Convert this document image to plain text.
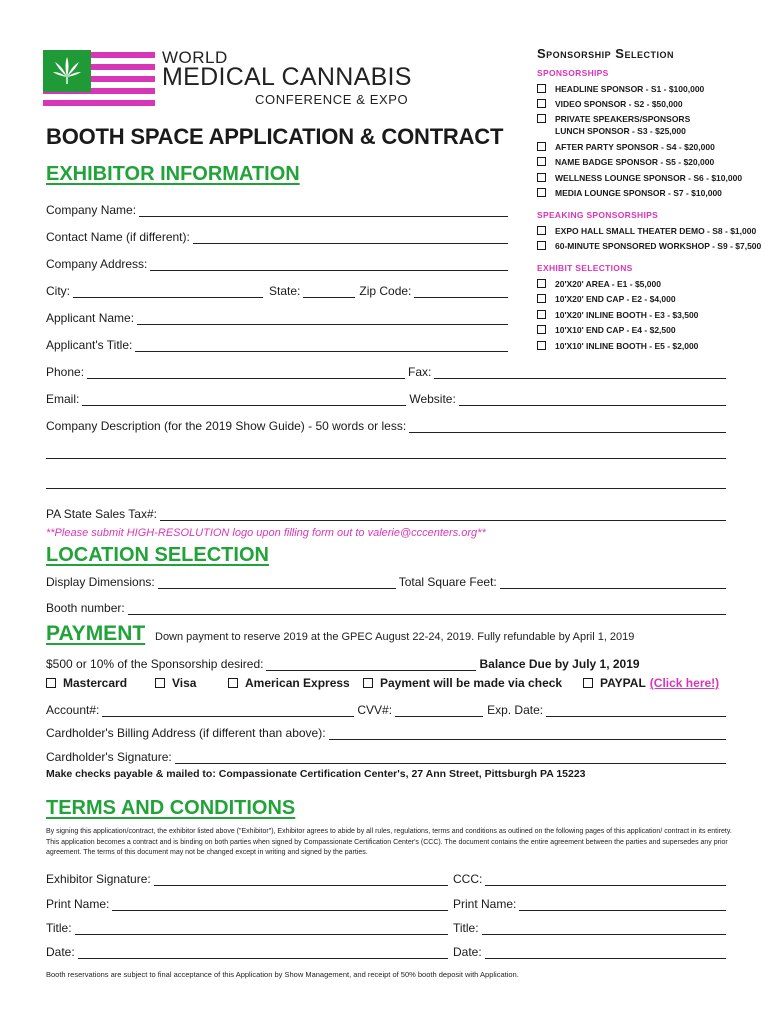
WORLD
MEDICAL CANNABIS
CONFERENCE & EXPO
BOOTH SPACE APPLICATION & CONTRACT
Sponsorship Selection
SPONSORSHIPS
HEADLINE SPONSOR - S1 - $100,000
VIDEO SPONSOR - S2 - $50,000
PRIVATE SPEAKERS/SPONSORS LUNCH SPONSOR - S3 - $25,000
AFTER PARTY SPONSOR - S4 - $20,000
NAME BADGE SPONSOR - S5 - $20,000
WELLNESS LOUNGE SPONSOR - S6 - $10,000
MEDIA LOUNGE SPONSOR - S7 - $10,000
SPEAKING SPONSORSHIPS
EXPO HALL SMALL THEATER DEMO - S8 - $1,000
60-MINUTE SPONSORED WORKSHOP - S9 - $7,500
EXHIBIT SELECTIONS
20'X20' AREA - E1 - $5,000
10'X20' END CAP - E2 - $4,000
10'X20' INLINE BOOTH - E3 - $3,500
10'X10' END CAP - E4 - $2,500
10'X10' INLINE BOOTH - E5 - $2,000
EXHIBITOR INFORMATION
Company Name:
Contact Name (if different):
Company Address:
City:	State:	Zip Code:
Applicant Name:
Applicant's Title:
Phone:	Fax:
Email:	Website:
Company Description (for the 2019 Show Guide) - 50 words or less:
PA State Sales Tax#:
**Please submit HIGH-RESOLUTION logo upon filling form out to valerie@cccenters.org**
LOCATION SELECTION
Display Dimensions:	Total Square Feet:
Booth number:
PAYMENT Down payment to reserve 2019 at the GPEC August 22-24, 2019. Fully refundable by April 1, 2019
$500 or 10% of the Sponsorship desired:	Balance Due by July 1, 2019
Mastercard	Visa	American Express	Payment will be made via check	PAYPAL (Click here!)
Account#:	CVV#:	Exp. Date:
Cardholder's Billing Address (if different than above):
Cardholder's Signature:
Make checks payable & mailed to: Compassionate Certification Center's, 27 Ann Street, Pittsburgh PA 15223
TERMS AND CONDITIONS
By signing this application/contract, the exhibitor listed above ("Exhibitor"), Exhibitor agrees to abide by all rules, regulations, terms and conditions as outlined on the following pages of this application/ contract in its entirety. This application becomes a contract and is binding on both parties when signed by Compassionate Certification Center's (CCC). The document contains the entire agreement between the parties and supersedes any prior agreement. The terms of this document may not be changed except in writing and signed by the parties.
Exhibitor Signature:	CCC:
Print Name:	Print Name:
Title:	Title:
Date:	Date:
Booth reservations are subject to final acceptance of this Application by Show Management, and receipt of 50% booth deposit with Application.
